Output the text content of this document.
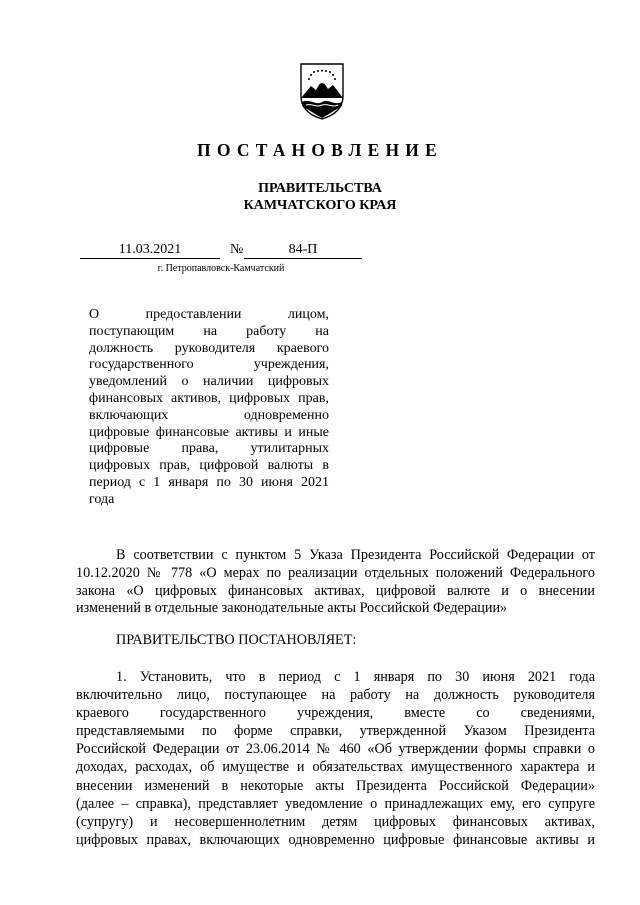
ПОСТАНОВЛЕНИЕ
ПРАВИТЕЛЬСТВА
КАМЧАТСКОГО КРАЯ
11.03.2021	№	84-П
г. Петропавловск-Камчатский
О предоставлении лицом,
поступающим на работу на
должность руководителя краевого
государственного учреждения,
уведомлений о наличии цифровых
финансовых активов, цифровых прав,
включающих одновременно
цифровые финансовые активы и иные
цифровые права, утилитарных
цифровых прав, цифровой валюты в
период с 1 января по 30 июня 2021
года
В соответствии с пунктом 5 Указа Президента Российской Федерации от
10.12.2020 № 778 «О мерах по реализации отдельных положений Федерального
закона «О цифровых финансовых активах, цифровой валюте и о внесении
изменений в отдельные законодательные акты Российской Федерации»
ПРАВИТЕЛЬСТВО ПОСТАНОВЛЯЕТ:
1. Установить, что в период с 1 января по 30 июня 2021 года
включительно лицо, поступающее на работу на должность руководителя
краевого государственного учреждения, вместе со сведениями,
представляемыми по форме справки, утвержденной Указом Президента
Российской Федерации от 23.06.2014 № 460 «Об утверждении формы справки о
доходах, расходах, об имуществе и обязательствах имущественного характера и
внесении изменений в некоторые акты Президента Российской Федерации»
(далее – справка), представляет уведомление о принадлежащих ему, его супруге
(супругу) и несовершеннолетним детям цифровых финансовых активах,
цифровых правах, включающих одновременно цифровые финансовые активы и
